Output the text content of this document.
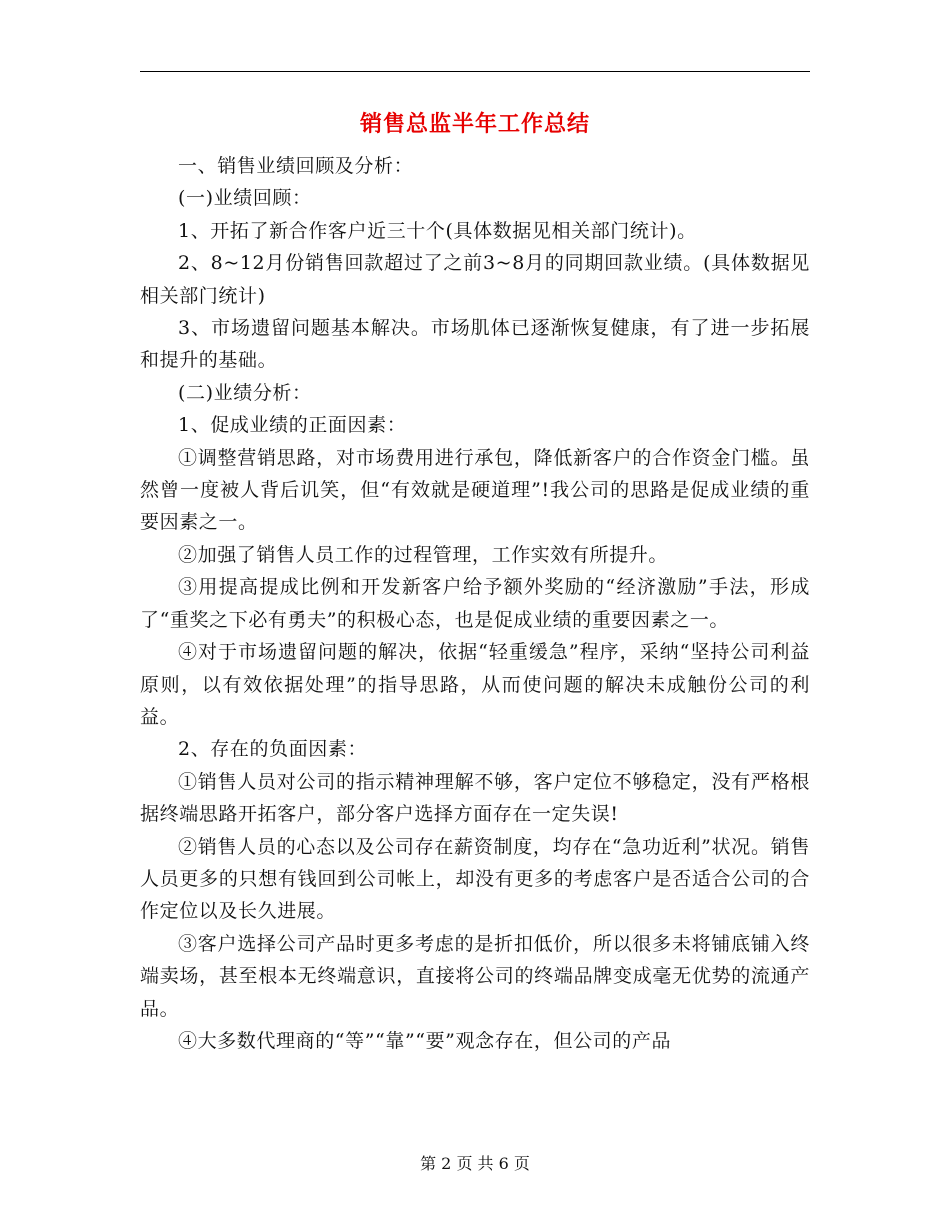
销售总监半年工作总结

一、销售业绩回顾及分析：

(一)业绩回顾：

1、开拓了新合作客户近三十个(具体数据见相关部门统计)。

2、8~12月份销售回款超过了之前3~8月的同期回款业绩。(具体数据见相关部门统计)

3、市场遗留问题基本解决。市场肌体已逐渐恢复健康，有了进一步拓展和提升的基础。

(二)业绩分析：

1、促成业绩的正面因素：

①调整营销思路，对市场费用进行承包，降低新客户的合作资金门槛。虽然曾一度被人背后讥笑，但“有效就是硬道理”!我公司的思路是促成业绩的重要因素之一。

②加强了销售人员工作的过程管理，工作实效有所提升。

③用提高提成比例和开发新客户给予额外奖励的“经济激励”手法，形成了“重奖之下必有勇夫”的积极心态，也是促成业绩的重要因素之一。

④对于市场遗留问题的解决，依据“轻重缓急”程序，采纳“坚持公司利益原则，以有效依据处理”的指导思路，从而使问题的解决未成触份公司的利益。

2、存在的负面因素：

①销售人员对公司的指示精神理解不够，客户定位不够稳定，没有严格根据终端思路开拓客户，部分客户选择方面存在一定失误!

②销售人员的心态以及公司存在薪资制度，均存在“急功近利”状况。销售人员更多的只想有钱回到公司帐上，却没有更多的考虑客户是否适合公司的合作定位以及长久进展。

③客户选择公司产品时更多考虑的是折扣低价，所以很多未将铺底铺入终端卖场，甚至根本无终端意识，直接将公司的终端品牌变成毫无优势的流通产品。

④大多数代理商的“等”“靠”“要”观念存在，但公司的产品

第 2 页 共 6 页
